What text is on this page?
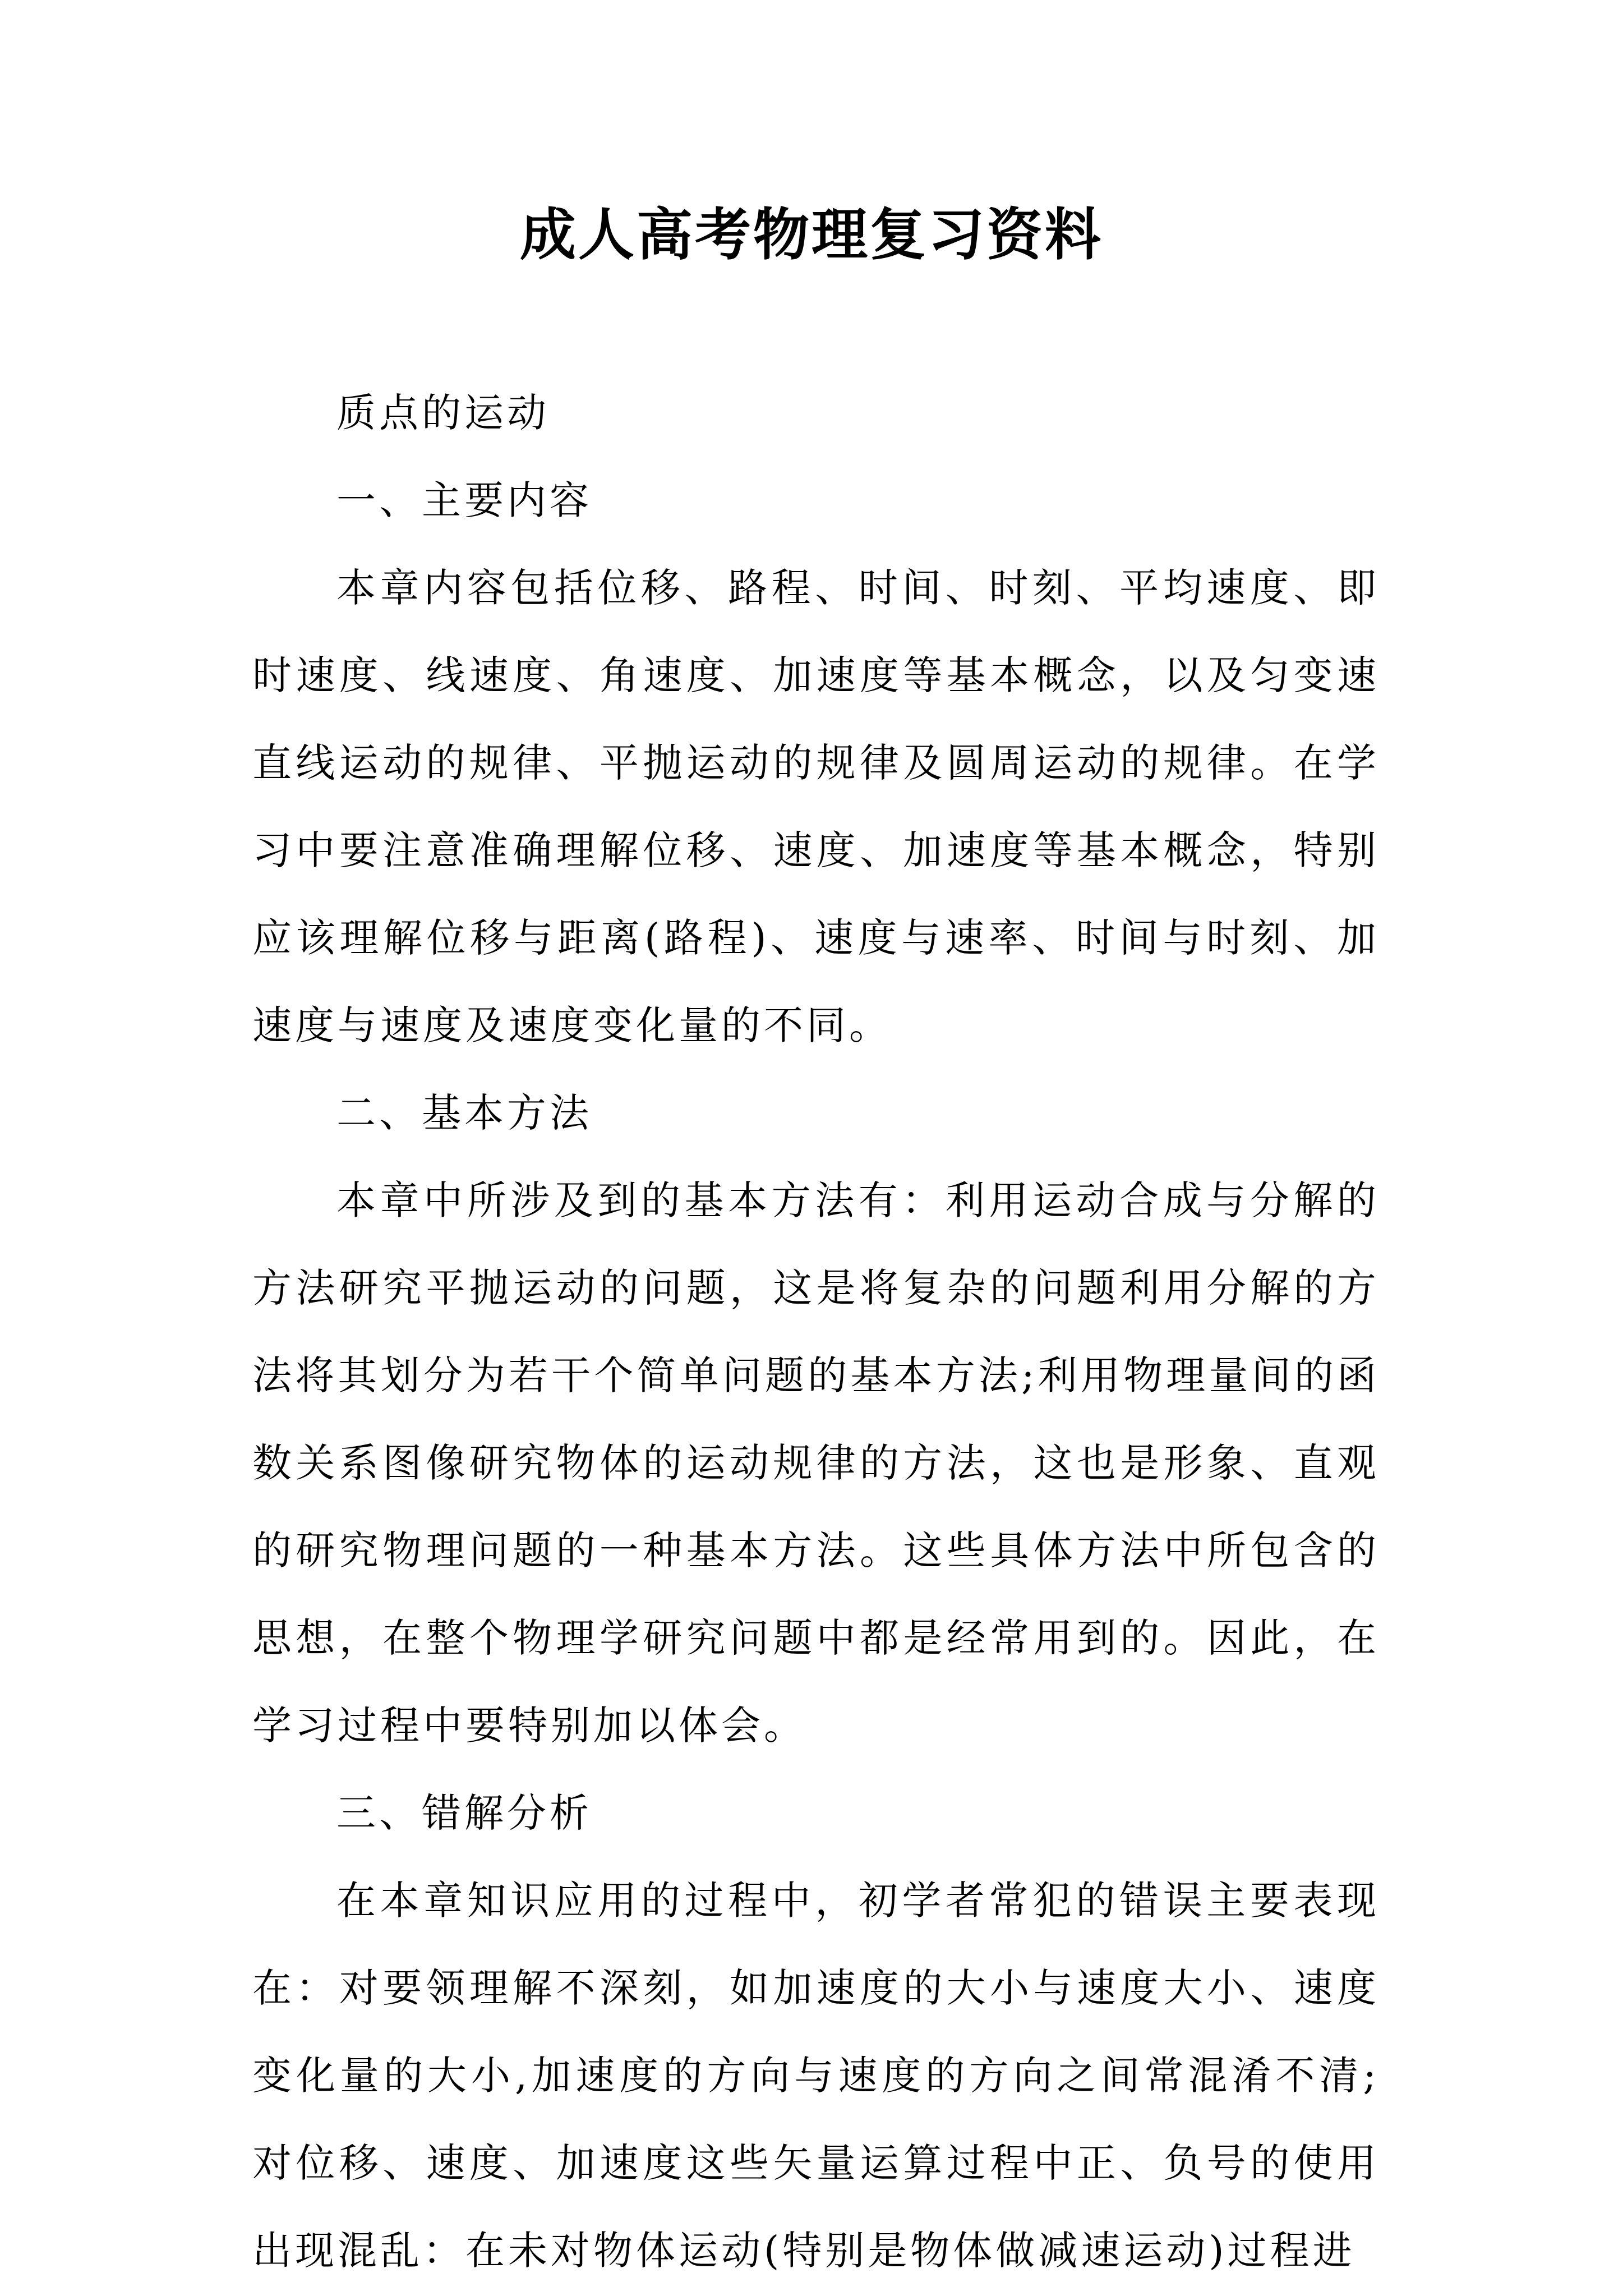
成人高考物理复习资料

质点的运动

一、主要内容

本章内容包括位移、路程、时间、时刻、平均速度、即时速度、线速度、角速度、加速度等基本概念，以及匀变速直线运动的规律、平抛运动的规律及圆周运动的规律。在学习中要注意准确理解位移、速度、加速度等基本概念，特别应该理解位移与距离(路程)、速度与速率、时间与时刻、加速度与速度及速度变化量的不同。

二、基本方法

本章中所涉及到的基本方法有：利用运动合成与分解的方法研究平抛运动的问题，这是将复杂的问题利用分解的方法将其划分为若干个简单问题的基本方法;利用物理量间的函数关系图像研究物体的运动规律的方法，这也是形象、直观的研究物理问题的一种基本方法。这些具体方法中所包含的思想，在整个物理学研究问题中都是经常用到的。因此，在学习过程中要特别加以体会。

三、错解分析

在本章知识应用的过程中，初学者常犯的错误主要表现在：对要领理解不深刻，如加速度的大小与速度大小、速度变化量的大小,加速度的方向与速度的方向之间常混淆不清;对位移、速度、加速度这些矢量运算过程中正、负号的使用出现混乱：在未对物体运动(特别是物体做减速运动)过程进
